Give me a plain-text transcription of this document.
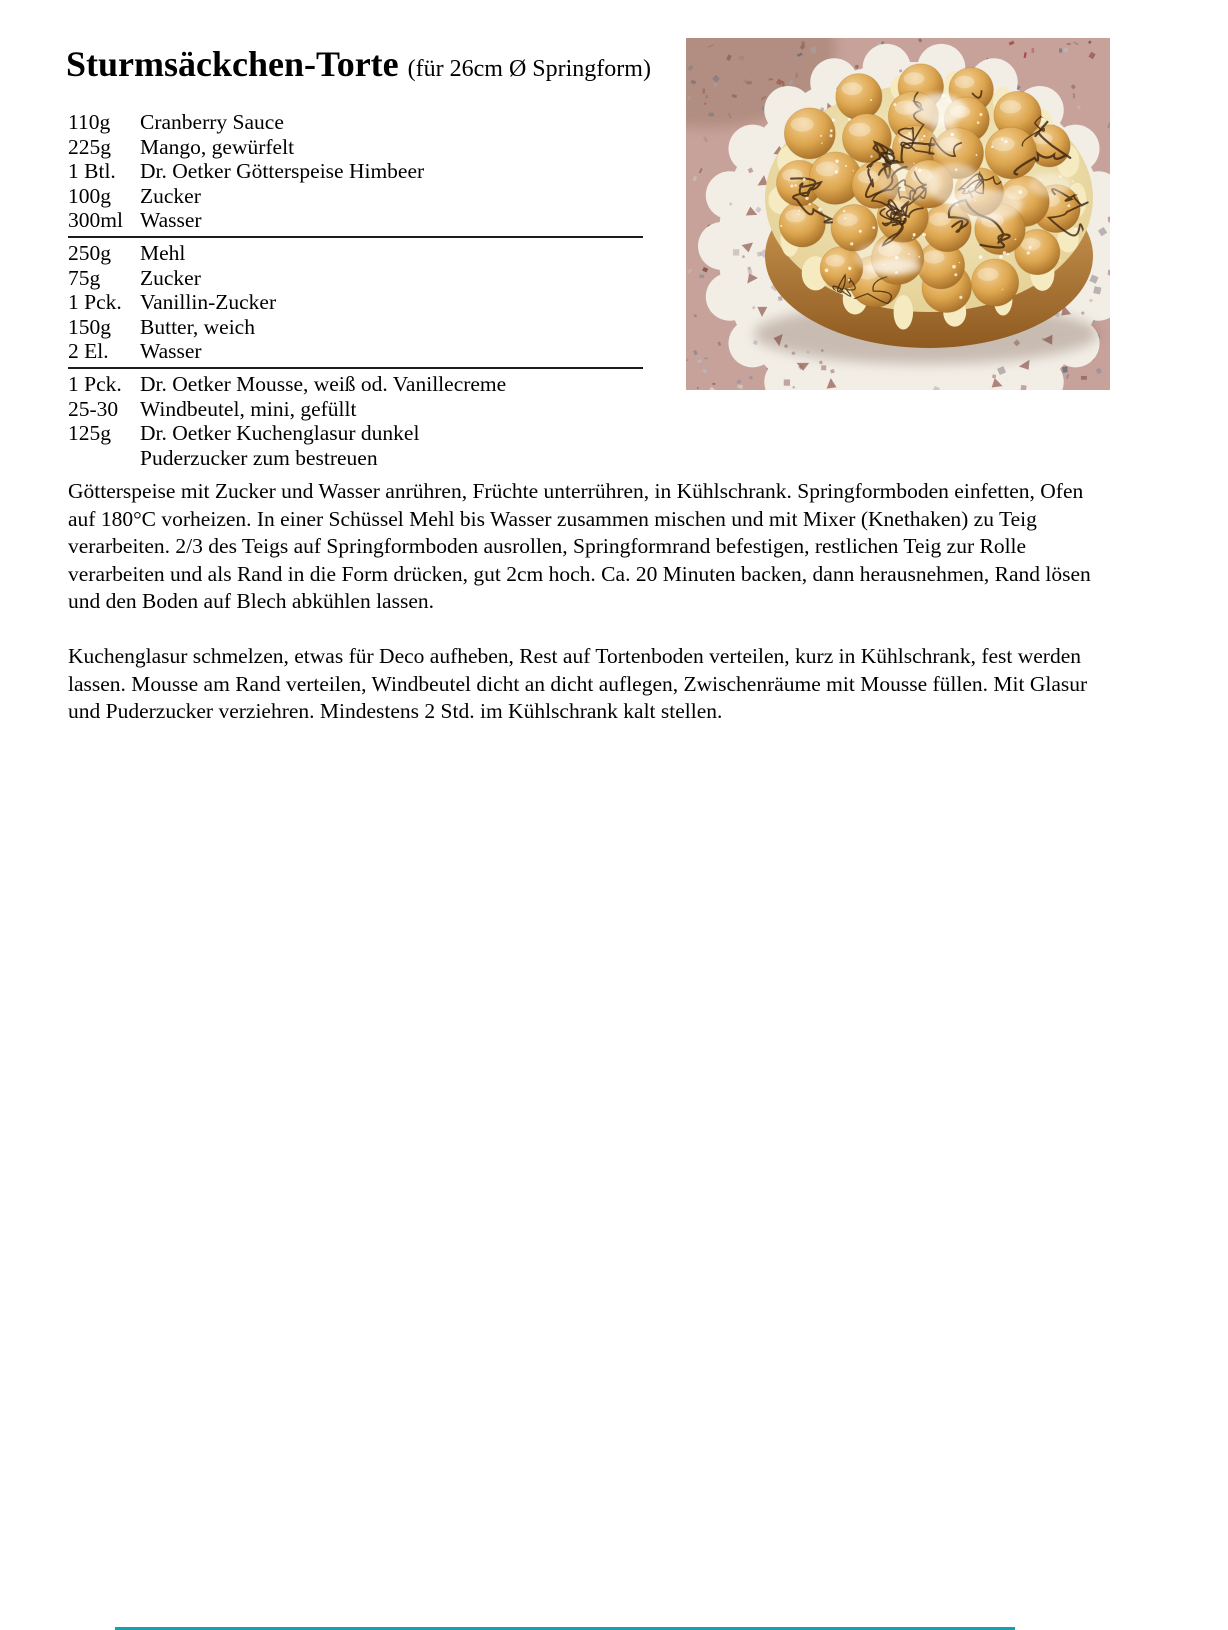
Sturmsäckchen-Torte (für 26cm Ø Springform)
110g	Cranberry Sauce
225g	Mango, gewürfelt
1 Btl.	Dr. Oetker Götterspeise Himbeer
100g	Zucker
300ml Wasser
250g	Mehl
75g	Zucker
1 Pck. Vanillin-Zucker
150g	Butter, weich
2 El.	Wasser
1 Pck. Dr. Oetker Mousse, weiß od. Vanillecreme
25-30	Windbeutel, mini, gefüllt
125g	Dr. Oetker Kuchenglasur dunkel
Puderzucker zum bestreuen

Götterspeise mit Zucker und Wasser anrühren, Früchte unterrühren, in Kühlschrank. Springformboden einfetten, Ofen auf 180°C vorheizen. In einer Schüssel Mehl bis Wasser zusammen mischen und mit Mixer (Knethaken) zu Teig verarbeiten. 2/3 des Teigs auf Springformboden ausrollen, Springformrand befestigen, restlichen Teig zur Rolle verarbeiten und als Rand in die Form drücken, gut 2cm hoch. Ca. 20 Minuten backen, dann herausnehmen, Rand lösen und den Boden auf Blech abkühlen lassen.

Kuchenglasur schmelzen, etwas für Deco aufheben, Rest auf Tortenboden verteilen, kurz in Kühlschrank, fest werden lassen. Mousse am Rand verteilen, Windbeutel dicht an dicht auflegen, Zwischenräume mit Mousse füllen. Mit Glasur und Puderzucker verziehren. Mindestens 2 Std. im Kühlschrank kalt stellen.
